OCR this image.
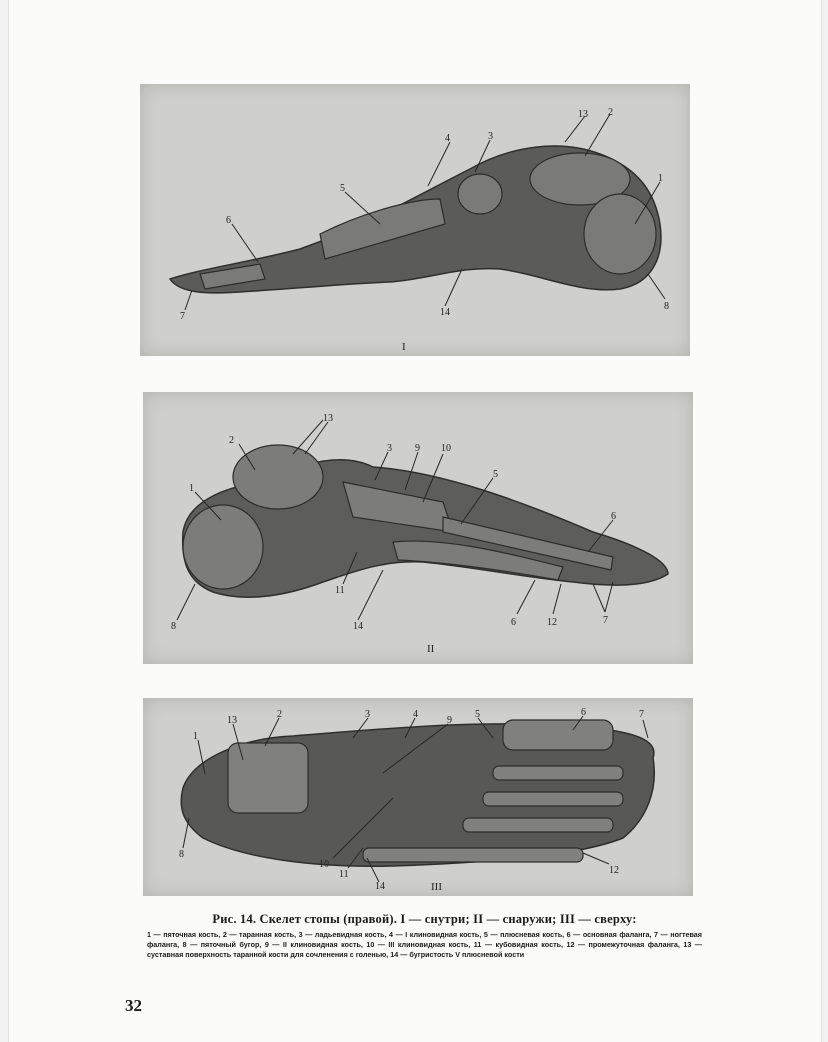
13 2
4	3
1
5
6
7	14
8
I
13
2
3 9 10
1
5
6
11
8	14	6	12	7
II
13
2	3	4
9
5	6	7
1
8
10
11
14
12
III
Рис. 14. Скелет стопы (правой). I — снутри; II — снаружи; III — сверху:
1 — пяточная кость, 2 — таранная кость, 3 — ладьевидная кость, 4 — I клиновидная кость, 5 — плюсневая кость, 6 — основная фаланга, 7 — ногтевая фаланга, 8 — пяточный бугор, 9 — II клиновидная кость, 10 — III клиновидная кость, 11 — кубовидная кость, 12 — промежуточная фаланга, 13 — суставная поверхность таранной кости для сочленения с голенью, 14 — бугристость V плюсневой кости
32
